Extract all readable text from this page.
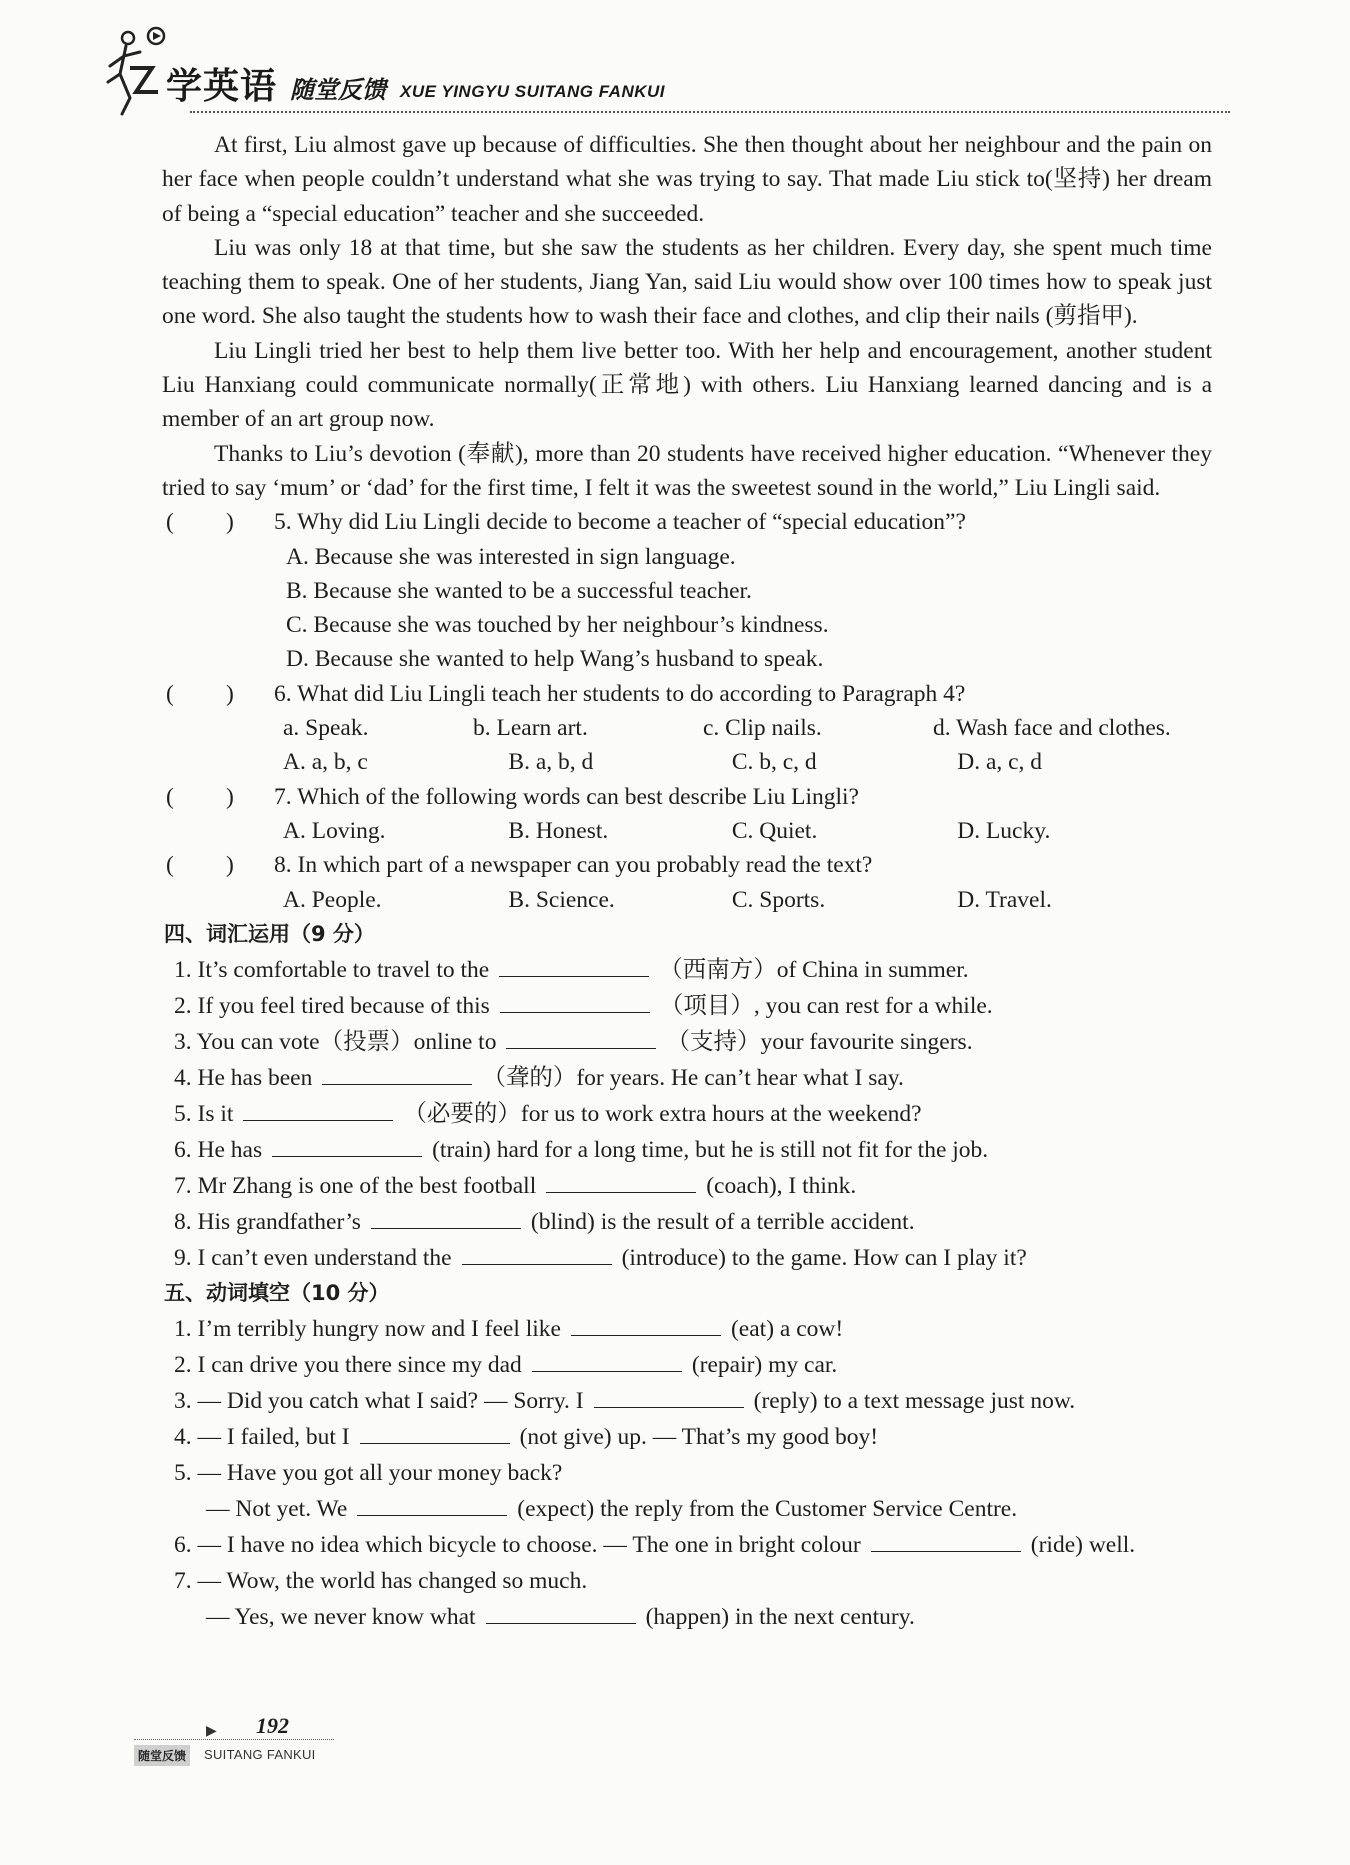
学英语 随堂反馈 XUE YINGYU SUITANG FANKUI

At first, Liu almost gave up because of difficulties. She then thought about her neighbour and the pain on her face when people couldn’t understand what she was trying to say. That made Liu stick to(坚持) her dream of being a “special education” teacher and she succeeded.

Liu was only 18 at that time, but she saw the students as her children. Every day, she spent much time teaching them to speak. One of her students, Jiang Yan, said Liu would show over 100 times how to speak just one word. She also taught the students how to wash their face and clothes, and clip their nails (剪指甲).

Liu Lingli tried her best to help them live better too. With her help and encouragement, another student Liu Hanxiang could communicate normally(正常地) with others. Liu Hanxiang learned dancing and is a member of an art group now.

Thanks to Liu’s devotion (奉献), more than 20 students have received higher education. “Whenever they tried to say ‘mum’ or ‘dad’ for the first time, I felt it was the sweetest sound in the world,” Liu Lingli said.

( ) 5. Why did Liu Lingli decide to become a teacher of “special education”?
A. Because she was interested in sign language.
B. Because she wanted to be a successful teacher.
C. Because she was touched by her neighbour’s kindness.
D. Because she wanted to help Wang’s husband to speak.
( ) 6. What did Liu Lingli teach her students to do according to Paragraph 4?
a. Speak.	b. Learn art.	c. Clip nails.	d. Wash face and clothes.
A. a, b, c	B. a, b, d	C. b, c, d	D. a, c, d
( ) 7. Which of the following words can best describe Liu Lingli?
A. Loving.	B. Honest.	C. Quiet.	D. Lucky.
( ) 8. In which part of a newspaper can you probably read the text?
A. People.	B. Science.	C. Sports.	D. Travel.
四、词汇运用（9 分）
1. It’s comfortable to travel to the	（西南方）of China in summer.
2. If you feel tired because of this	（项目）, you can rest for a while.
3. You can vote（投票）online to	（支持）your favourite singers.
4. He has been	（聋的）for years. He can’t hear what I say.
5. Is it	（必要的）for us to work extra hours at the weekend?
6. He has	(train) hard for a long time, but he is still not fit for the job.
7. Mr Zhang is one of the best football	(coach), I think.
8. His grandfather’s	(blind) is the result of a terrible accident.
9. I can’t even understand the	(introduce) to the game. How can I play it?
五、动词填空（10 分）
1. I’m terribly hungry now and I feel like	(eat) a cow!
2. I can drive you there since my dad	(repair) my car.
3. — Did you catch what I said? — Sorry. I	(reply) to a text message just now.
4. — I failed, but I	(not give) up. — That’s my good boy!
5. — Have you got all your money back?
— Not yet. We	(expect) the reply from the Customer Service Centre.
6. — I have no idea which bicycle to choose. — The one in bright colour	(ride) well.
7. — Wow, the world has changed so much.
— Yes, we never know what	(happen) in the next century.
▶ 192
随堂反馈	SUITANG FANKUI
